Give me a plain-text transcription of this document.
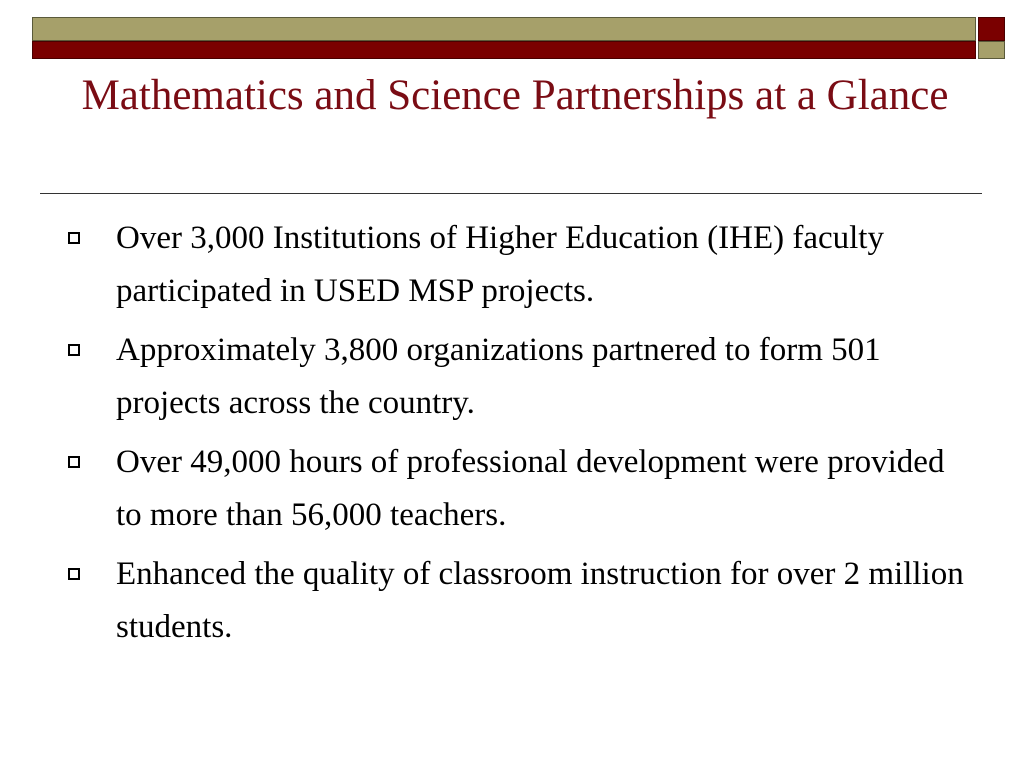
Mathematics and Science Partnerships at a Glance
Over 3,000 Institutions of Higher Education (IHE) faculty participated in USED MSP projects.
Approximately 3,800 organizations partnered to form 501 projects across the country.
Over 49,000 hours of professional development were provided to more than 56,000 teachers.
Enhanced the quality of classroom instruction for over 2 million students.
